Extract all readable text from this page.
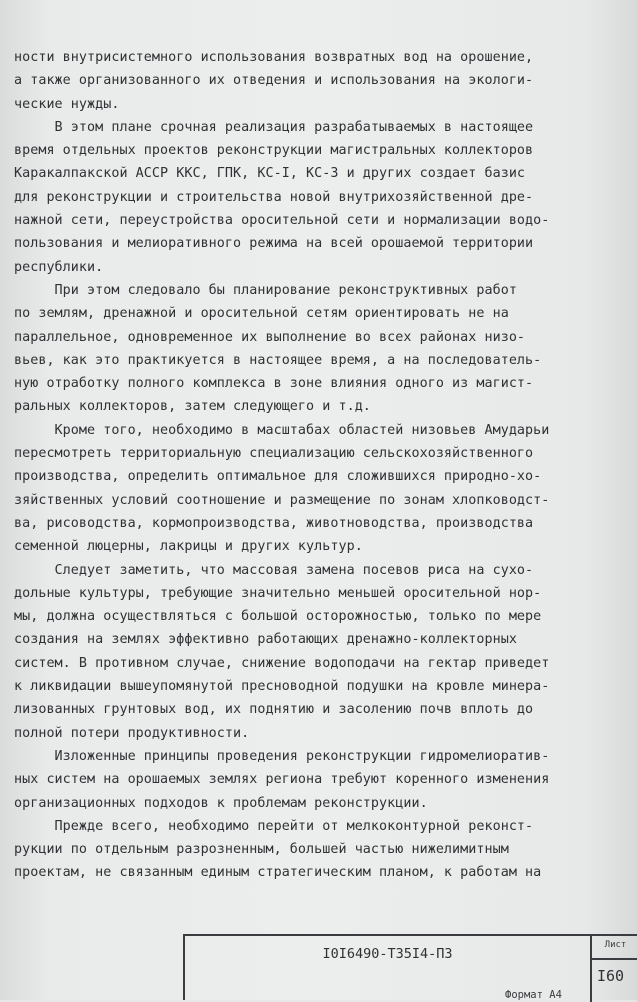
ности внутрисистемного использования возвратных вод на орошение,
а также организованного их отведения и использования на экологи-
ческие нужды.
В этом плане срочная реализация разрабатываемых в настоящее
время отдельных проектов реконструкции магистральных коллекторов
Каракалпакской АССР ККС, ГПК, КС-I, КС-3 и других создает базис
для реконструкции и строительства новой внутрихозяйственной дре-
нажной сети, переустройства оросительной сети и нормализации водо-
пользования и мелиоративного режима на всей орошаемой территории
республики.
При этом следовало бы планирование реконструктивных работ
по землям, дренажной и оросительной сетям ориентировать не на
параллельное, одновременное их выполнение во всех районах низо-
вьев, как это практикуется в настоящее время, а на последователь-
ную отработку полного комплекса в зоне влияния одного из магист-
ральных коллекторов, затем следующего и т.д.
Кроме того, необходимо в масштабах областей низовьев Амударьи
пересмотреть территориальную специализацию сельскохозяйственного
производства, определить оптимальное для сложившихся природно-хо-
зяйственных условий соотношение и размещение по зонам хлопководст-
ва, рисоводства, кормопроизводства, животноводства, производства
семенной люцерны, лакрицы и других культур.
Следует заметить, что массовая замена посевов риса на сухо-
дольные культуры, требующие значительно меньшей оросительной нор-
мы, должна осуществляться с большой осторожностью, только по мере
создания на землях эффективно работающих дренажно-коллекторных
систем. В противном случае, снижение водоподачи на гектар приведет
к ликвидации вышеупомянутой пресноводной подушки на кровле минера-
лизованных грунтовых вод, их поднятию и засолению почв вплоть до
полной потери продуктивности.
Изложенные принципы проведения реконструкции гидромелиоратив-
ных систем на орошаемых землях региона требуют коренного изменения
организационных подходов к проблемам реконструкции.
Прежде всего, необходимо перейти от мелкоконтурной реконст-
рукции по отдельным разрозненным, большей частью нижелимитным
проектам, не связанным единым стратегическим планом, к работам на
I0I6490-Т35I4-П3
Лист
I60
Формат А4
